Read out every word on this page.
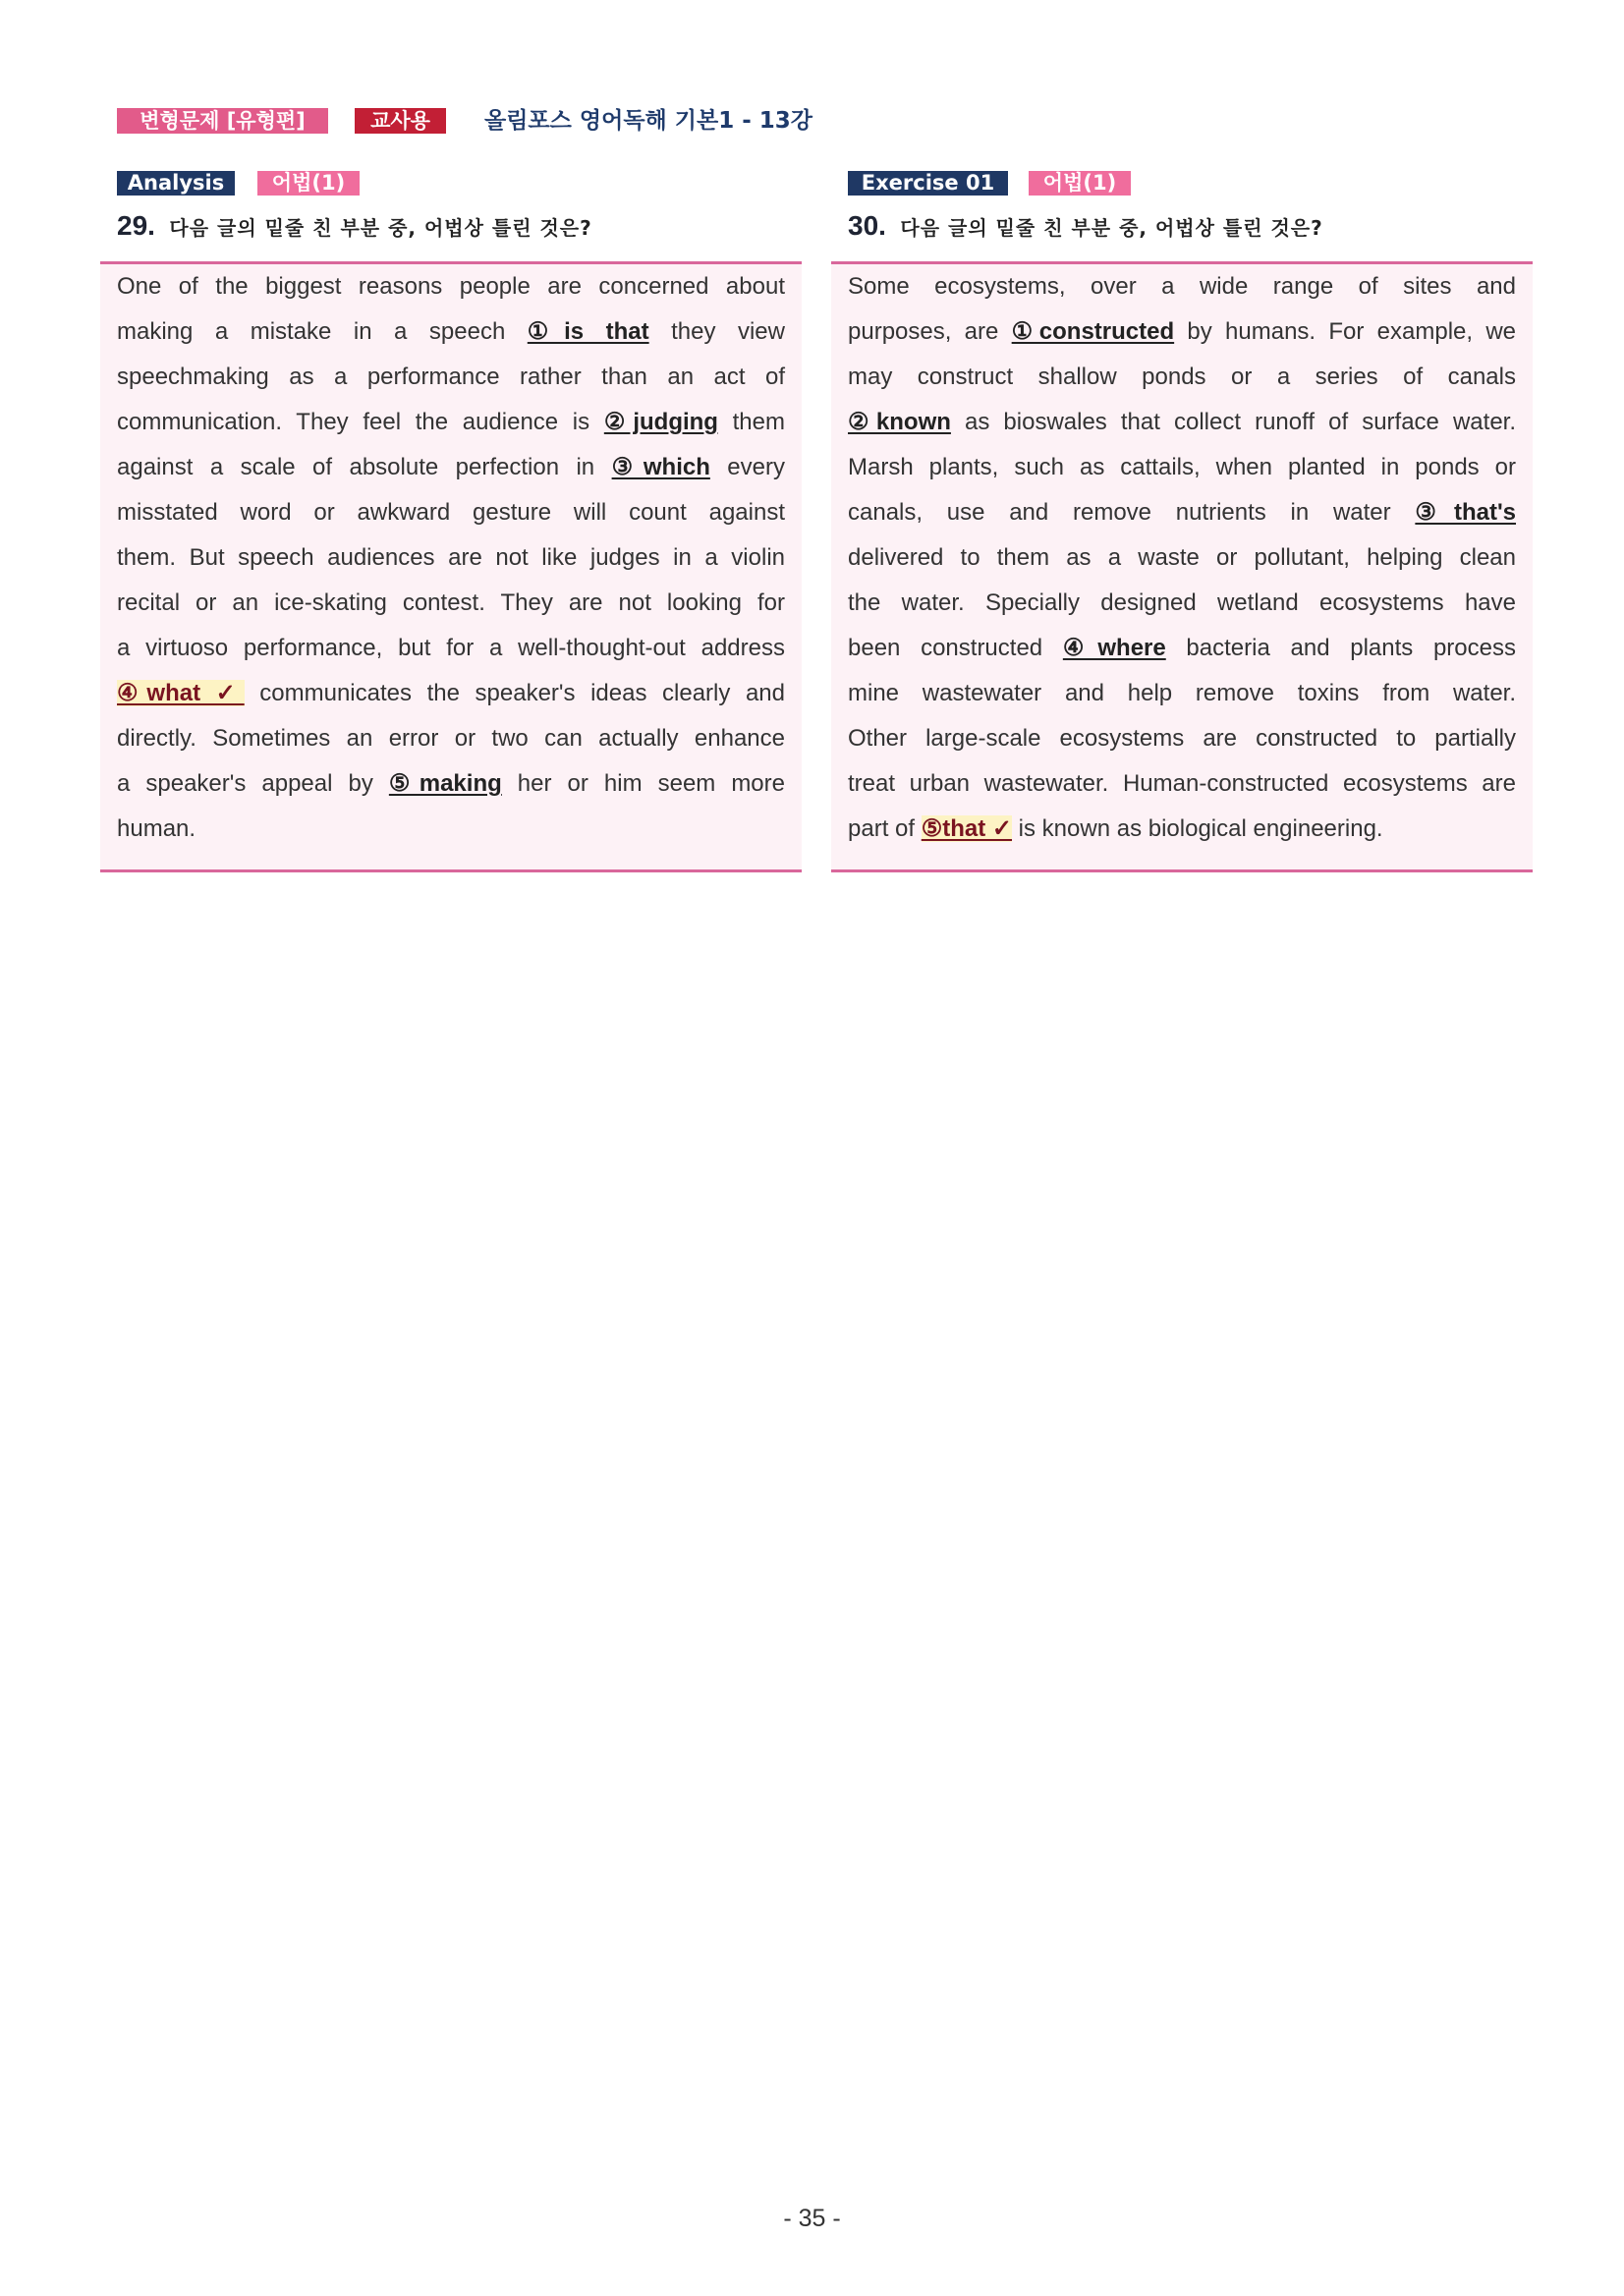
변형문제 [유형편]	교사용	올림포스 영어독해 기본1 - 13강
Analysis	어법(1)
29. 다음 글의 밑줄 친 부분 중, 어법상 틀린 것은?
One of the biggest reasons people are concerned about
making a mistake in a speech ①is that they view
speechmaking as a performance rather than an act of
communication. They feel the audience is ②judging them
against a scale of absolute perfection in ③which every
misstated word or awkward gesture will count against
them. But speech audiences are not like judges in a violin
recital or an ice-skating contest. They are not looking for
a virtuoso performance, but for a well-thought-out address
④what ✓ communicates the speaker's ideas clearly and
directly. Sometimes an error or two can actually enhance
a speaker's appeal by ⑤making her or him seem more
human.
Exercise 01	어법(1)
30. 다음 글의 밑줄 친 부분 중, 어법상 틀린 것은?
Some ecosystems, over a wide range of sites and
purposes, are ①constructed by humans. For example, we
may construct shallow ponds or a series of canals
②known as bioswales that collect runoff of surface water.
Marsh plants, such as cattails, when planted in ponds or
canals, use and remove nutrients in water ③that's
delivered to them as a waste or pollutant, helping clean
the water. Specially designed wetland ecosystems have
been constructed ④where bacteria and plants process
mine wastewater and help remove toxins from water.
Other large-scale ecosystems are constructed to partially
treat urban wastewater. Human-constructed ecosystems are
part of ⑤that ✓ is known as biological engineering.
- 35 -
